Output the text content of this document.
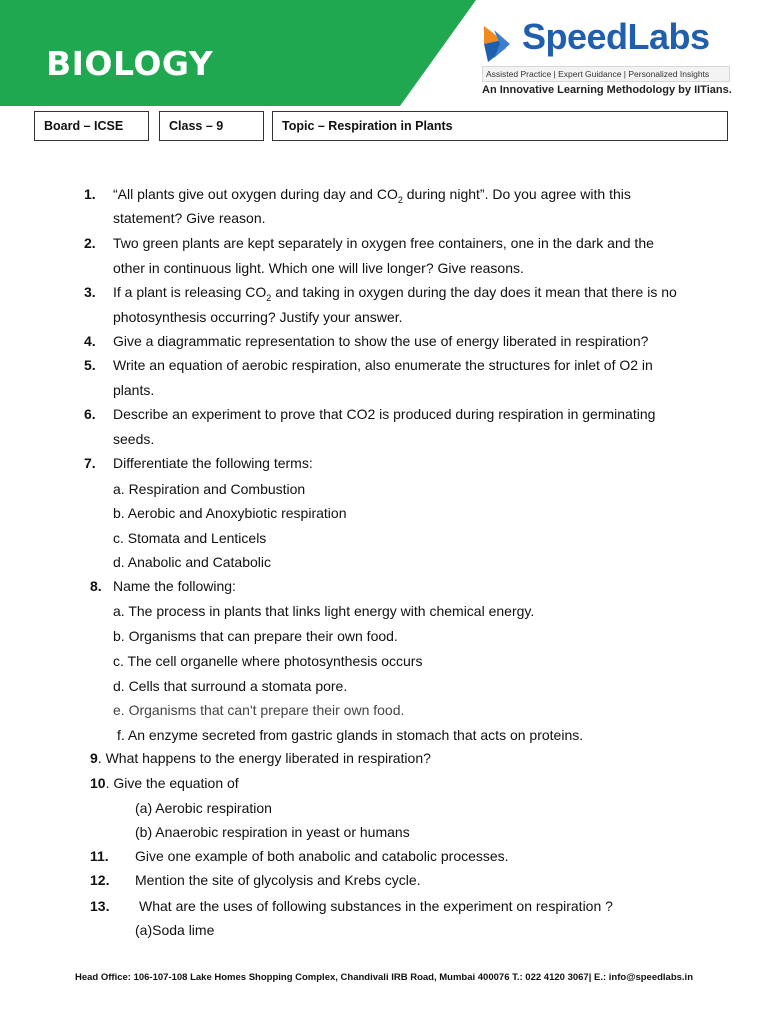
BIOLOGY
SpeedLabs
Assisted Practice | Expert Guidance | Personalized Insights
An Innovative Learning Methodology by IITians.
Board – ICSE	Class – 9	Topic – Respiration in Plants
1. “All plants give out oxygen during day and $CO_2$ during night”. Do you agree with this
statement? Give reason.
2. Two green plants are kept separately in oxygen free containers, one in the dark and the
other in continuous light. Which one will live longer? Give reasons.
3. If a plant is releasing $CO_2$ and taking in oxygen during the day does it mean that there is no
photosynthesis occurring? Justify your answer.
4. Give a diagrammatic representation to show the use of energy liberated in respiration?
5. Write an equation of aerobic respiration, also enumerate the structures for inlet of O2 in
plants.
6. Describe an experiment to prove that CO2 is produced during respiration in germinating
seeds.
7. Differentiate the following terms:
a. Respiration and Combustion
b. Aerobic and Anoxybiotic respiration
c. Stomata and Lenticels
d. Anabolic and Catabolic
8. Name the following:
a. The process in plants that links light energy with chemical energy.
b. Organisms that can prepare their own food.
c. The cell organelle where photosynthesis occurs
d. Cells that surround a stomata pore.
e. Organisms that can't prepare their own food.
f. An enzyme secreted from gastric glands in stomach that acts on proteins.
9. What happens to the energy liberated in respiration?
10. Give the equation of
(a) Aerobic respiration
(b) Anaerobic respiration in yeast or humans
11. Give one example of both anabolic and catabolic processes.
12. Mention the site of glycolysis and Krebs cycle.
13. What are the uses of following substances in the experiment on respiration ?
(a)Soda lime
Head Office: 106-107-108 Lake Homes Shopping Complex, Chandivali IRB Road, Mumbai 400076 T.: 022 4120 3067| E.: info@speedlabs.in
